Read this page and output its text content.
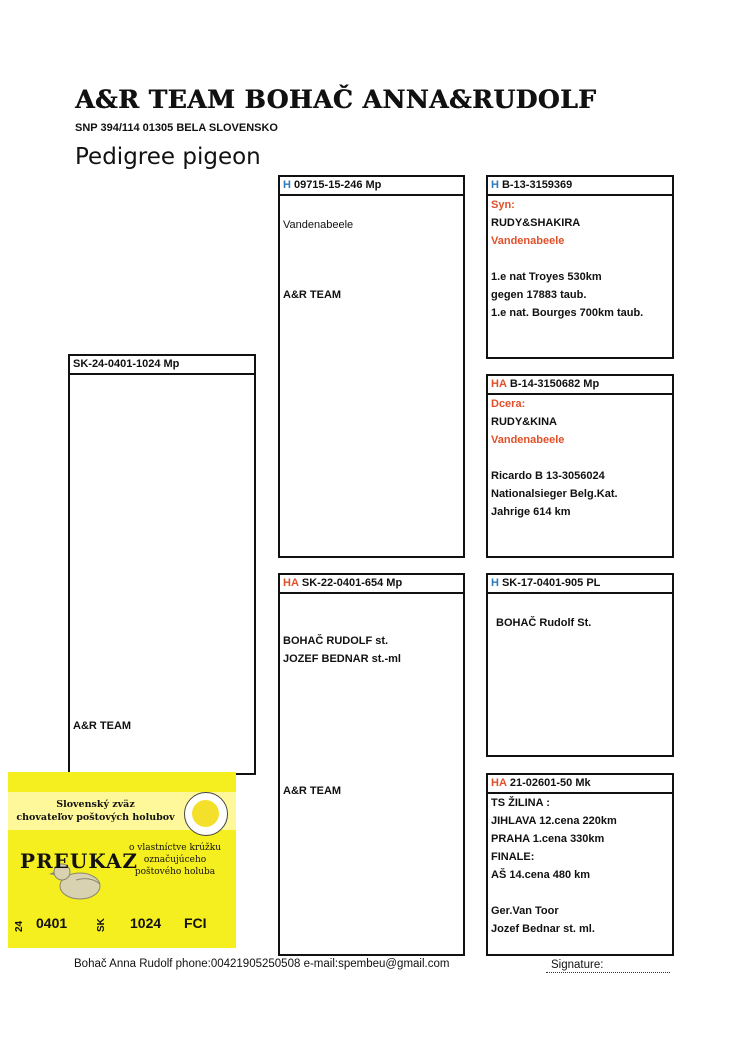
A&R TEAM BOHAČ ANNA&RUDOLF
SNP 394/114 01305 BELA SLOVENSKO
Pedigree pigeon
SK-24-0401-1024 Mp
A&R TEAM
H 09715-15-246 Mp
Vandenabeele
A&R TEAM
HA SK-22-0401-654 Mp
BOHAČ RUDOLF st.
JOZEF BEDNAR st.-ml
A&R TEAM
H B-13-3159369
Syn:
RUDY&SHAKIRA
Vandenabeele
1.e nat Troyes 530km
gegen 17883 taub.
1.e nat. Bourges 700km taub.
HA B-14-3150682 Mp
Dcera:
RUDY&KINA
Vandenabeele
Ricardo B 13-3056024
Nationalsieger Belg.Kat.
Jahrige 614 km
H SK-17-0401-905 PL
BOHAČ Rudolf St.
HA 21-02601-50 Mk
TS ŽILINA :
JIHLAVA 12.cena 220km
PRAHA 1.cena 330km
FINALE:
AŠ 14.cena 480 km
Ger.Van Toor
Jozef Bednar st. ml.
Slovenský zväz
chovateľov poštových holubov
PREUKAZ
o vlastníctve krúžku
označujúceho
poštového holuba
24 0401	SK 1024 FCI
Bohač Anna Rudolf phone:00421905250508 e-mail:spembeu@gmail.com	Signature:
